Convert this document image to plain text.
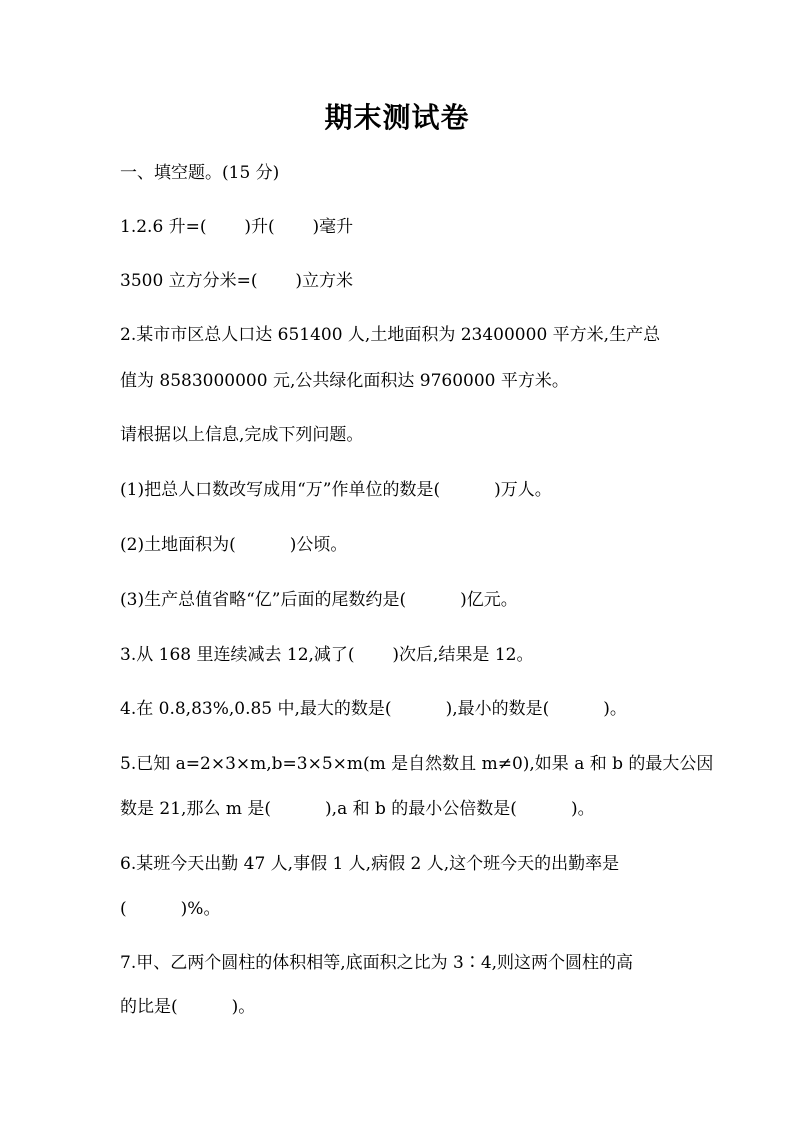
期末测试卷
一、填空题。(15 分)
1.2.6 升=(       )升(       )毫升
3500 立方分米=(       )立方米
2.某市市区总人口达 651400 人,土地面积为 23400000 平方米,生产总
值为 8583000000 元,公共绿化面积达 9760000 平方米。
请根据以上信息,完成下列问题。
(1)把总人口数改写成用“万”作单位的数是(          )万人。
(2)土地面积为(          )公顷。
(3)生产总值省略“亿”后面的尾数约是(          )亿元。
3.从 168 里连续减去 12,减了(       )次后,结果是 12。
4.在 0.8,83%,0.85 中,最大的数是(          ),最小的数是(          )。
5.已知 a=2×3×m,b=3×5×m(m 是自然数且 m≠0),如果 a 和 b 的最大公因
数是 21,那么 m 是(          ),a 和 b 的最小公倍数是(          )。
6.某班今天出勤 47 人,事假 1 人,病假 2 人,这个班今天的出勤率是
(          )%。
7.甲、乙两个圆柱的体积相等,底面积之比为 3∶4,则这两个圆柱的高
的比是(          )。
